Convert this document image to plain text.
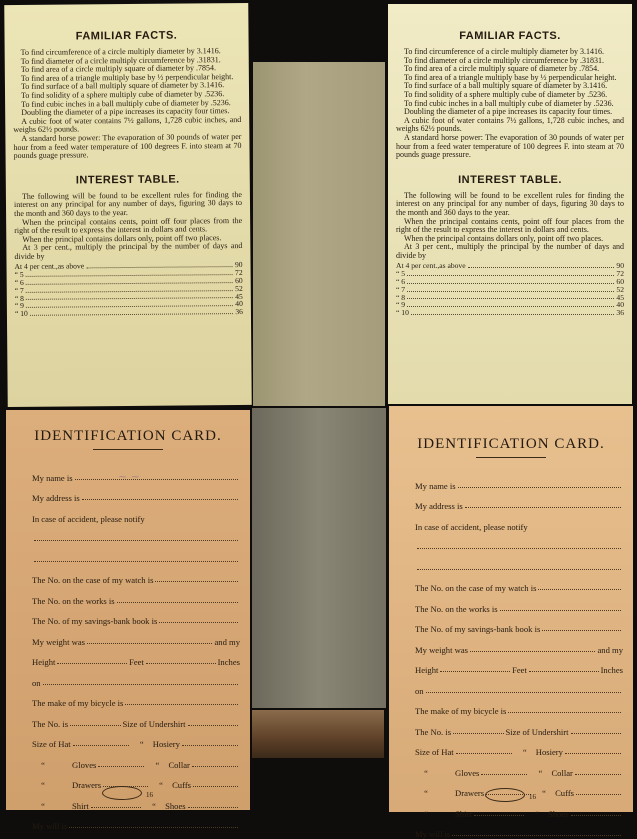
FAMILIAR FACTS.

To find circumference of a circle multiply diameter by 3.1416.

To find diameter of a circle multiply circumference by .31831.

To find area of a circle multiply square of diameter by .7854.

To find area of a triangle multiply base by ½ perpendicular height.

To find surface of a ball multiply square of diameter by 3.1416.

To find solidity of a sphere multiply cube of diameter by .5236.

To find cubic inches in a ball multiply cube of diameter by .5236.

Doubling the diameter of a pipe increases its capacity four times.

A cubic foot of water contains 7½ gallons, 1,728 cubic inches, and weighs 62½ pounds.

A standard horse power: The evaporation of 30 pounds of water per hour from a feed water temperature of 100 degrees F. into steam at 70 pounds guage pressure.

INTEREST TABLE.

The following will be found to be excellent rules for finding the interest on any principal for any number of days, figuring 30 days to the month and 360 days to the year.

When the principal contains cents, point off four places from the right of the result to express the interest in dollars and cents.

When the principal contains dollars only, point off two places.

At 3 per cent., multiply the principal by the number of days and divide by

At 4 per cent., as above	90
“ 5	72
“ 6	60
“ 7	52
“ 8	45
“ 9	40
“ 10	36
FAMILIAR FACTS.

To find circumference of a circle multiply diameter by 3.1416.

To find diameter of a circle multiply circumference by .31831.

To find area of a circle multiply square of diameter by .7854.

To find area of a triangle multiply base by ½ perpendicular height.

To find surface of a ball multiply square of diameter by 3.1416.

To find solidity of a sphere multiply cube of diameter by .5236.

To find cubic inches in a ball multiply cube of diameter by .5236.

Doubling the diameter of a pipe increases its capacity four times.

A cubic foot of water contains 7½ gallons, 1,728 cubic inches, and weighs 62½ pounds.

A standard horse power: The evaporation of 30 pounds of water per hour from a feed water temperature of 100 degrees F. into steam at 70 pounds guage pressure.

INTEREST TABLE.

The following will be found to be excellent rules for finding the interest on any principal for any number of days, figuring 30 days to the month and 360 days to the year.

When the principal contains cents, point off four places from the right of the result to express the interest in dollars and cents.

When the principal contains dollars only, point off two places.

At 3 per cent., multiply the principal by the number of days and divide by

At 4 per cent., as above	90
“ 5	72
“ 6	60
“ 7	52
“ 8	45
“ 9	40
“ 10	36
IDENTIFICATION CARD.
My name is
My address is
In case of accident, please notify
The No. on the case of my watch is
The No. on the works is
The No. of my savings-bank book is
My weight was	and my
Height	Feet	Inches
on
The make of my bicycle is
The No. is	Size of Undershirt
Size of Hat	“	Hosiery
“	Gloves	“	Collar
“	Drawers	“	Cuffs
“	Shirt	“	Shoes
My will is
16
~ ~
IDENTIFICATION CARD.
My name is
My address is
In case of accident, please notify
The No. on the case of my watch is
The No. on the works is
The No. of my savings-bank book is
My weight was	and my
Height	Feet	Inches
on
The make of my bicycle is
The No. is	Size of Undershirt
Size of Hat	“	Hosiery
“	Gloves	“	Collar
“	Drawers	“	Cuffs
“	Shirt	“	Shoes
My will is
16
